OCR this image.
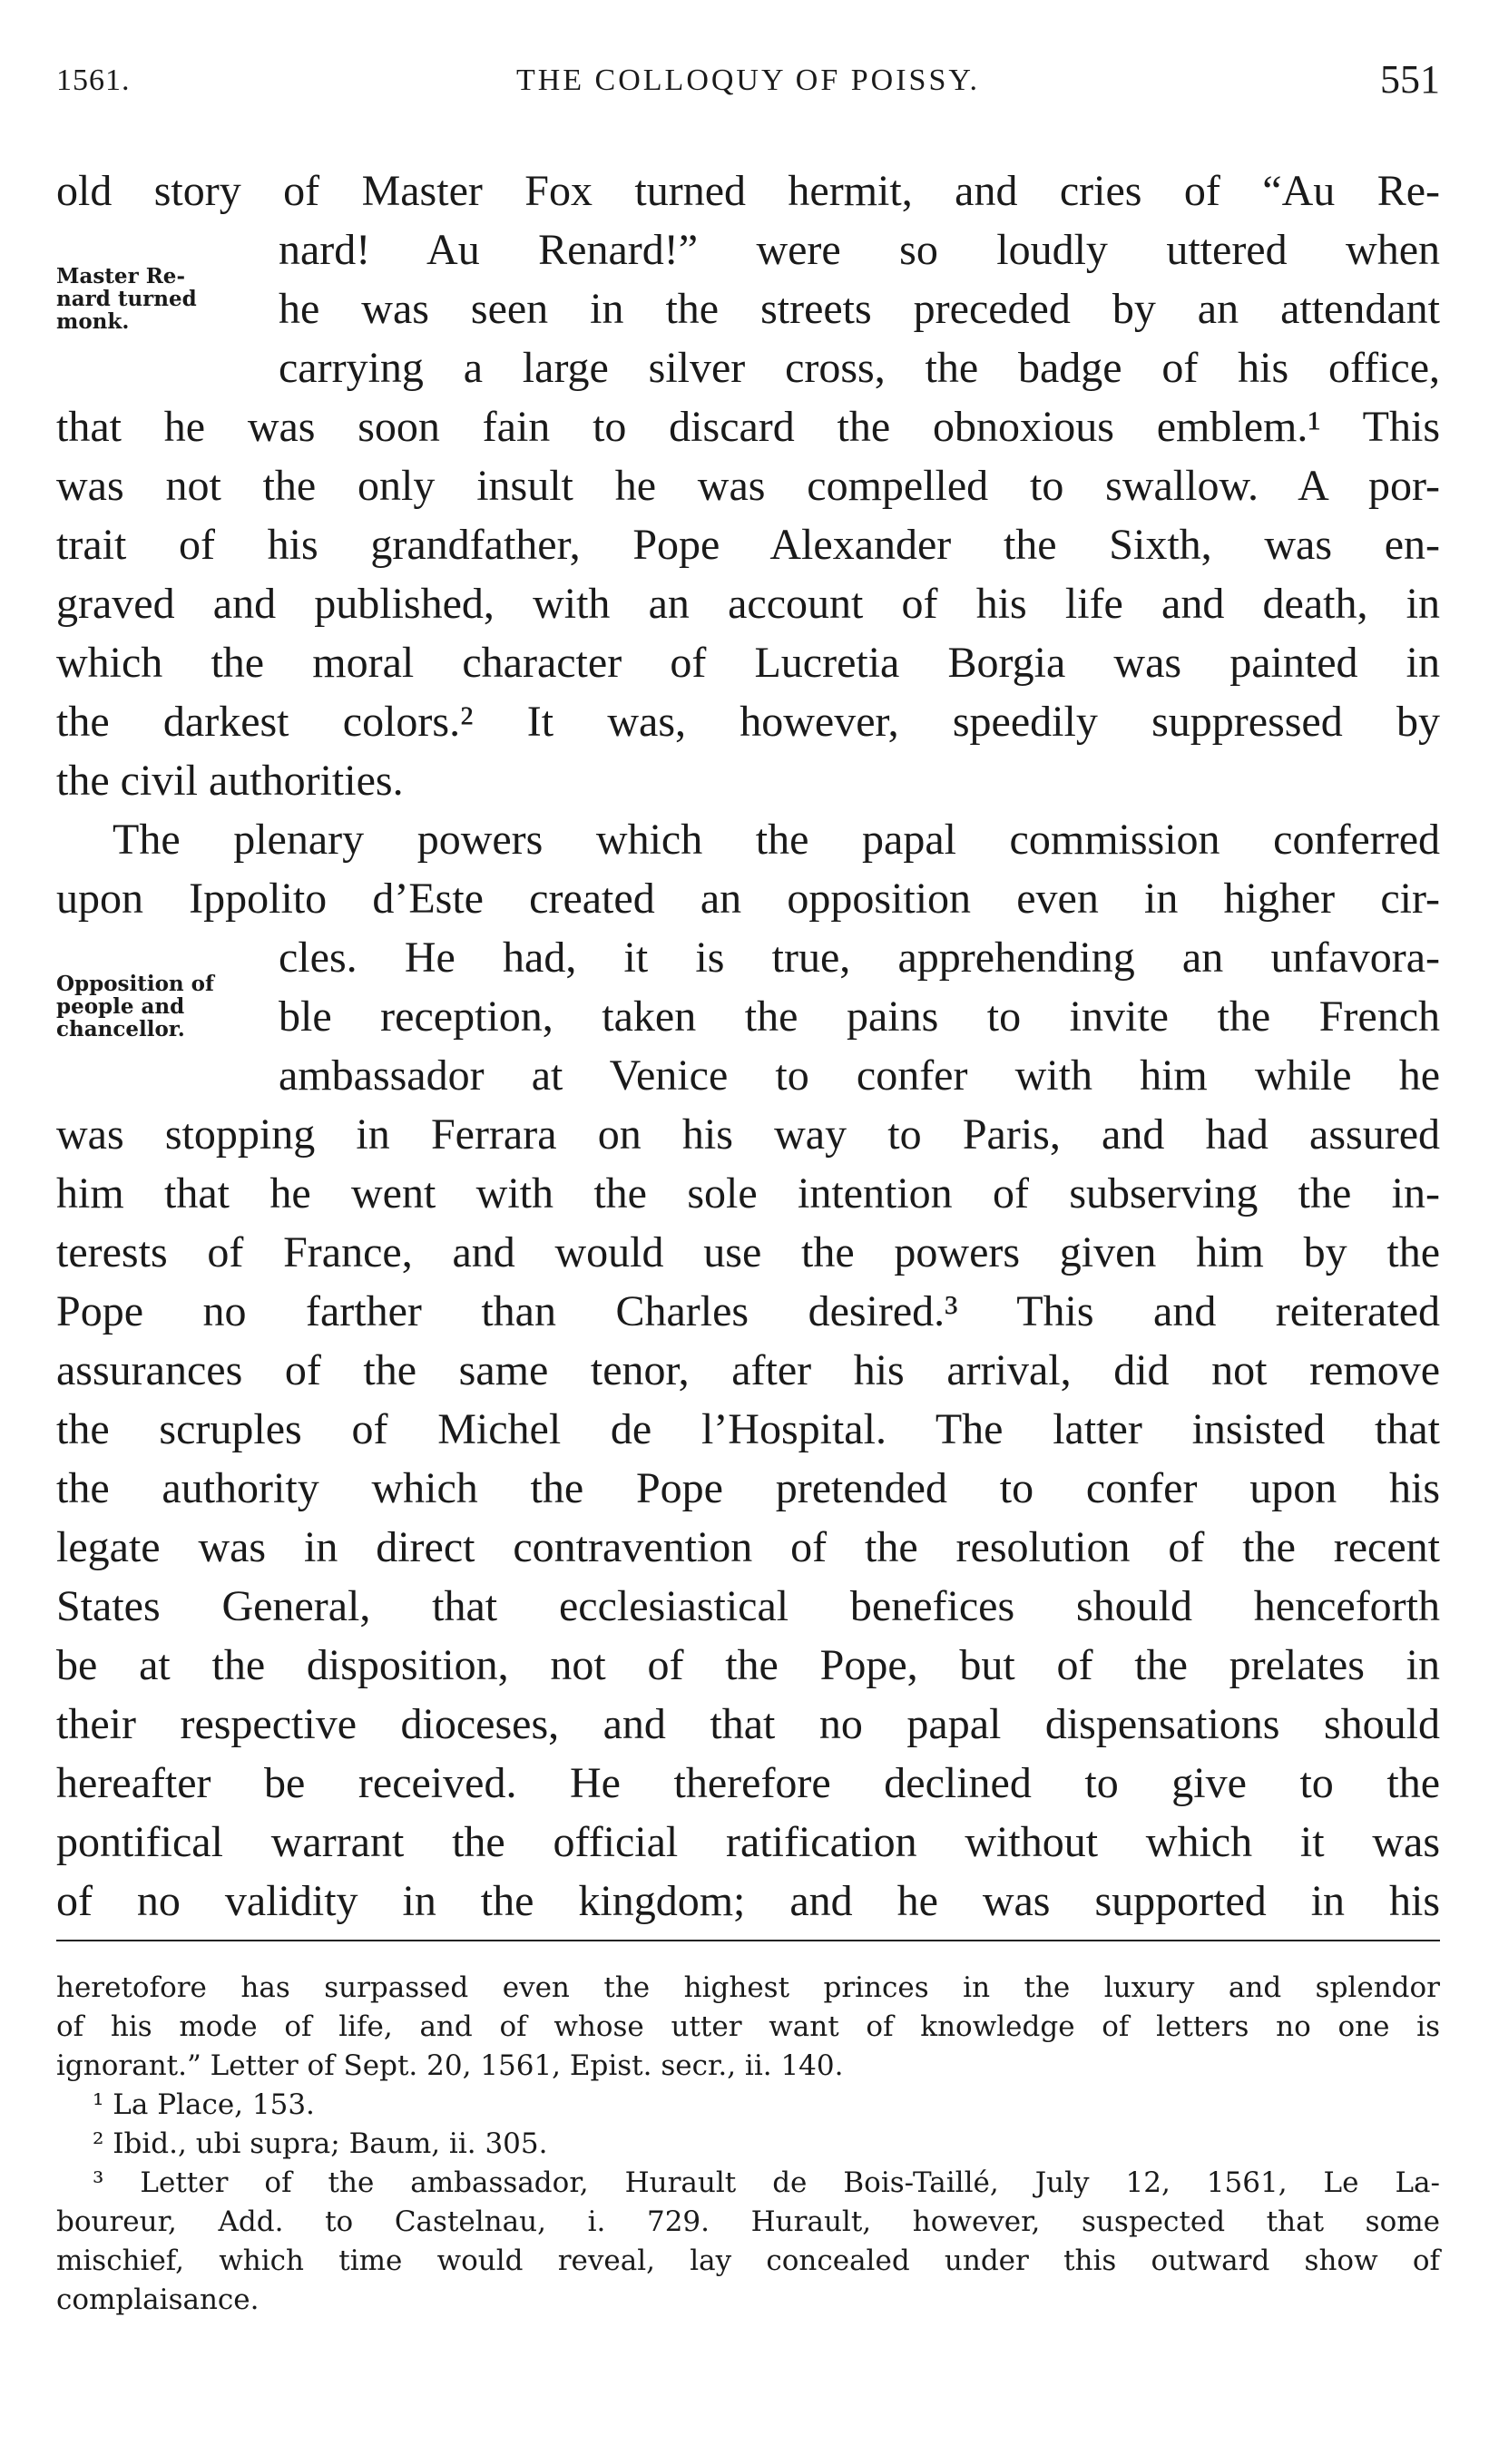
1561.	THE COLLOQUY OF POISSY.	551
Master Re-
nard turned
monk.
Opposition of
people and
chancellor.
old story of Master Fox turned hermit, and cries of “Au Re-
nard! Au Renard!” were so loudly uttered when
he was seen in the streets preceded by an attendant
carrying a large silver cross, the badge of his office,
that he was soon fain to discard the obnoxious emblem.¹ This
was not the only insult he was compelled to swallow. A por-
trait of his grandfather, Pope Alexander the Sixth, was en-
graved and published, with an account of his life and death, in
which the moral character of Lucretia Borgia was painted in
the darkest colors.² It was, however, speedily suppressed by
the civil authorities.
The plenary powers which the papal commission conferred
upon Ippolito d’Este created an opposition even in higher cir-
cles. He had, it is true, apprehending an unfavora-
ble reception, taken the pains to invite the French
ambassador at Venice to confer with him while he
was stopping in Ferrara on his way to Paris, and had assured
him that he went with the sole intention of subserving the in-
terests of France, and would use the powers given him by the
Pope no farther than Charles desired.³ This and reiterated
assurances of the same tenor, after his arrival, did not remove
the scruples of Michel de l’Hospital. The latter insisted that
the authority which the Pope pretended to confer upon his
legate was in direct contravention of the resolution of the recent
States General, that ecclesiastical benefices should henceforth
be at the disposition, not of the Pope, but of the prelates in
their respective dioceses, and that no papal dispensations should
hereafter be received. He therefore declined to give to the
pontifical warrant the official ratification without which it was
of no validity in the kingdom; and he was supported in his
heretofore has surpassed even the highest princes in the luxury and splendor
of his mode of life, and of whose utter want of knowledge of letters no one is
ignorant.” Letter of Sept. 20, 1561, Epist. secr., ii. 140.
¹ La Place, 153.
² Ibid., ubi supra; Baum, ii. 305.
³ Letter of the ambassador, Hurault de Bois-Taillé, July 12, 1561, Le La-
boureur, Add. to Castelnau, i. 729. Hurault, however, suspected that some
mischief, which time would reveal, lay concealed under this outward show of
complaisance.
